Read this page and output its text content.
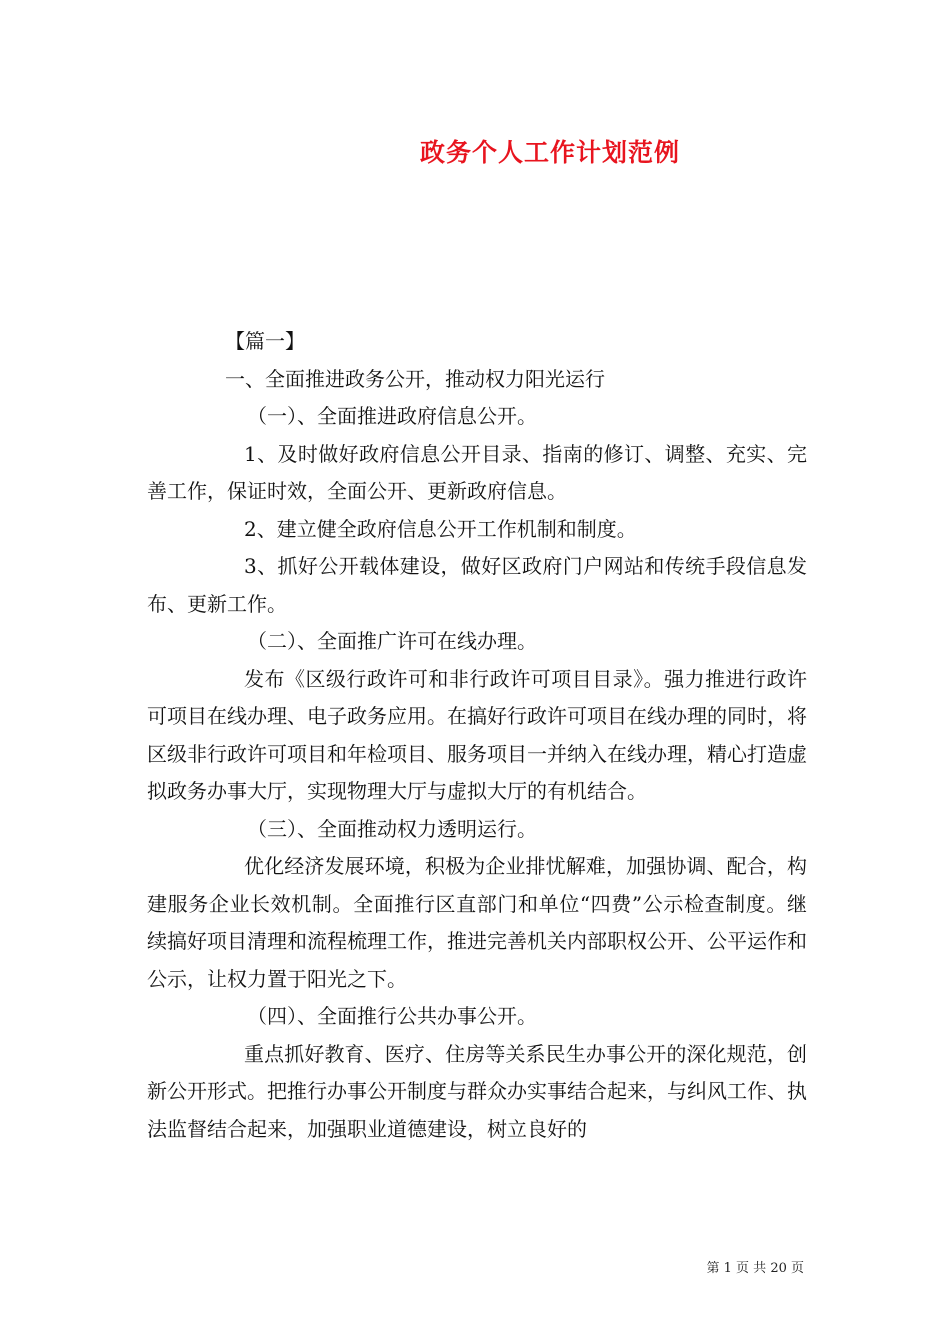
政务个人工作计划范例

【篇一】

一、全面推进政务公开，推动权力阳光运行

（一）、全面推进政府信息公开。

1、及时做好政府信息公开目录、指南的修订、调整、充实、完善工作，保证时效，全面公开、更新政府信息。

2、建立健全政府信息公开工作机制和制度。

3、抓好公开载体建设，做好区政府门户网站和传统手段信息发布、更新工作。

（二）、全面推广许可在线办理。

发布《区级行政许可和非行政许可项目目录》。强力推进行政许可项目在线办理、电子政务应用。在搞好行政许可项目在线办理的同时，将区级非行政许可项目和年检项目、服务项目一并纳入在线办理，精心打造虚拟政务办事大厅，实现物理大厅与虚拟大厅的有机结合。

（三）、全面推动权力透明运行。

优化经济发展环境，积极为企业排忧解难，加强协调、配合，构建服务企业长效机制。全面推行区直部门和单位“四费”公示检查制度。继续搞好项目清理和流程梳理工作，推进完善机关内部职权公开、公平运作和公示，让权力置于阳光之下。

（四）、全面推行公共办事公开。

重点抓好教育、医疗、住房等关系民生办事公开的深化规范，创新公开形式。把推行办事公开制度与群众办实事结合起来，与纠风工作、执法监督结合起来，加强职业道德建设，树立良好的

第 1 页 共 20 页
